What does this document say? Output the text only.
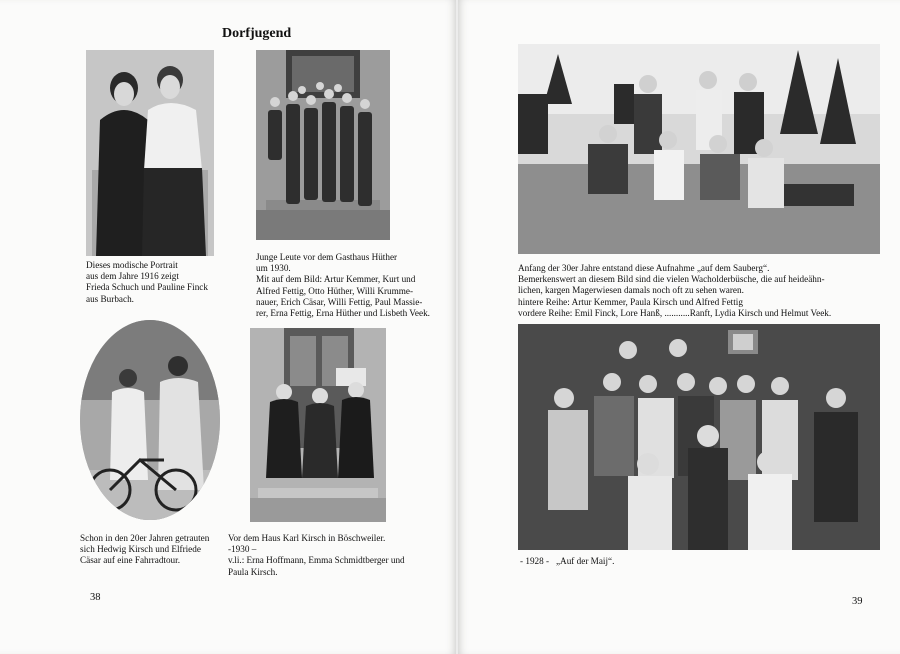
Dorfjugend
Dieses modische Portrait
aus dem Jahre 1916 zeigt
Frieda Schuch und Pauline Finck
aus Burbach.
Junge Leute vor dem Gasthaus Hüther
um 1930.
Mit auf dem Bild: Artur Kemmer, Kurt und
Alfred Fettig, Otto Hüther, Willi Krumme-
nauer, Erich Cäsar, Willi Fettig, Paul Massie-
rer, Erna Fettig, Erna Hüther und Lisbeth Veek.
Schon in den 20er Jahren getrauten
sich Hedwig Kirsch und Elfriede
Cäsar auf eine Fahrradtour.
Vor dem Haus Karl Kirsch in Böschweiler.
-1930 –
v.li.: Erna Hoffmann, Emma Schmidtberger und
Paula Kirsch.
38
Anfang der 30er Jahre entstand diese Aufnahme „auf dem Sauberg“.
Bemerkenswert an diesem Bild sind die vielen Wacholderbüsche, die auf heideähn-
lichen, kargen Magerwiesen damals noch oft zu sehen waren.
hintere Reihe: Artur Kemmer, Paula Kirsch und Alfred Fettig
vordere Reihe: Emil Finck, Lore Hanß, ...........Ranft, Lydia Kirsch und Helmut Veek.
- 1928 -   „Auf der Maij“.
39
